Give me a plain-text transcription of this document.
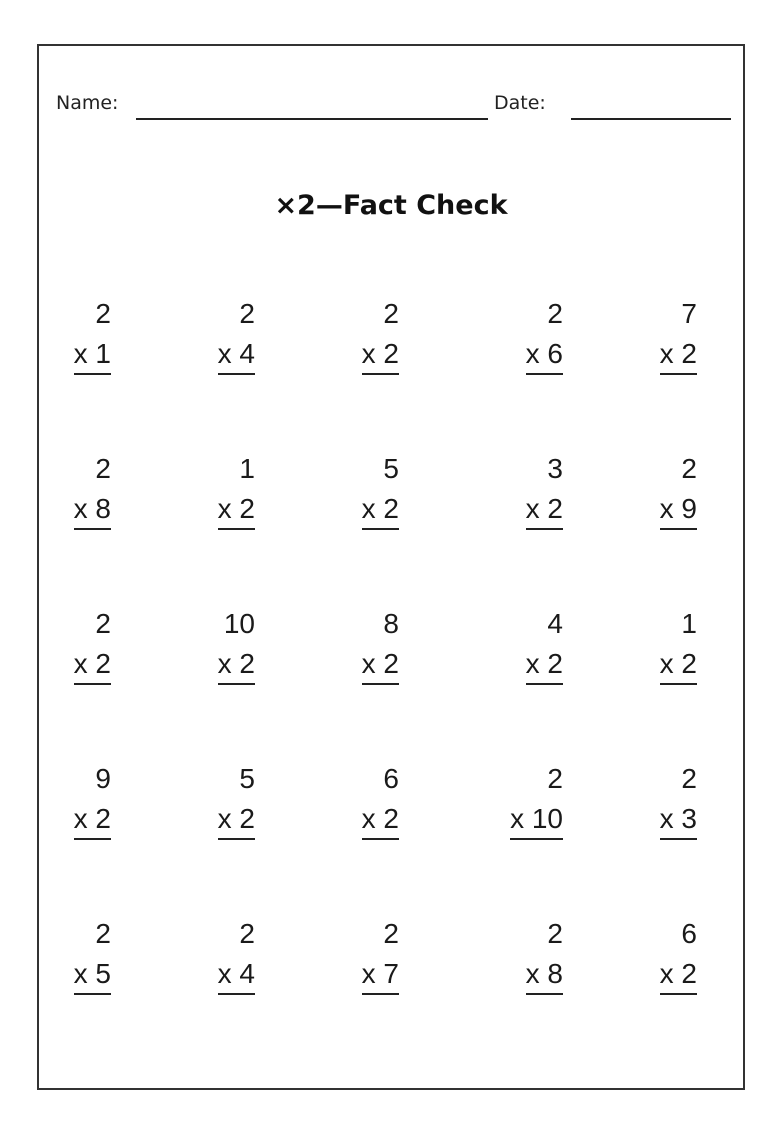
Name:	Date:
×2—Fact Check
2
x 1
2
x 4
2
x 2
2
x 6
7
x 2
2
x 8
1
x 2
5
x 2
3
x 2
2
x 9
2
x 2
10
x 2
8
x 2
4
x 2
1
x 2
9
x 2
5
x 2
6
x 2
2
x 10
2
x 3
2
x 5
2
x 4
2
x 7
2
x 8
6
x 2
